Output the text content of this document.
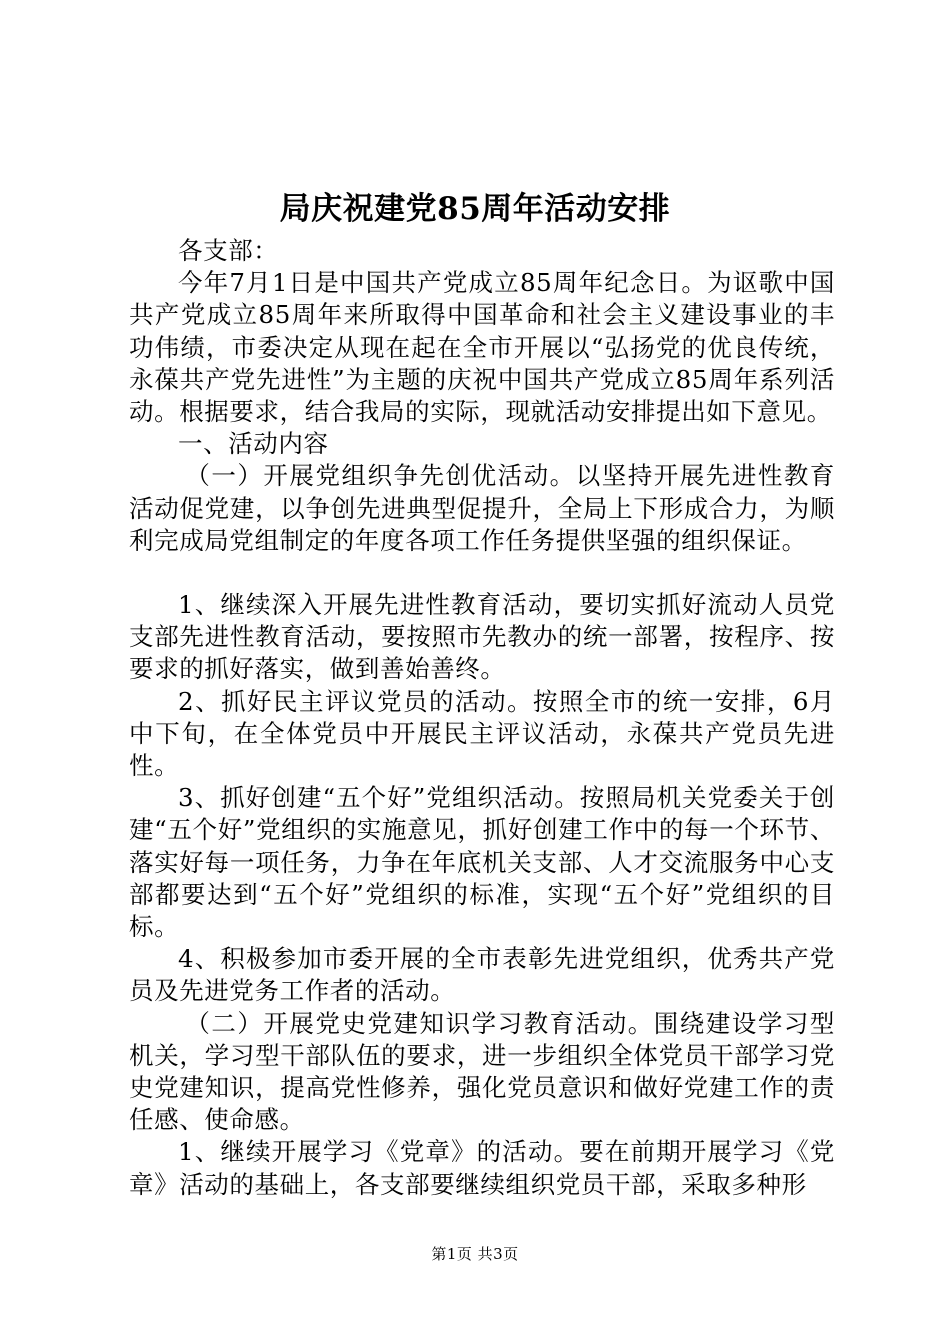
局庆祝建党85周年活动安排

各支部：

今年7月1日是中国共产党成立85周年纪念日。为讴歌中国共产党成立85周年来所取得中国革命和社会主义建设事业的丰功伟绩，市委决定从现在起在全市开展以“弘扬党的优良传统，永葆共产党先进性”为主题的庆祝中国共产党成立85周年系列活动。根据要求，结合我局的实际，现就活动安排提出如下意见。

一、活动内容

（一）开展党组织争先创优活动。以坚持开展先进性教育活动促党建，以争创先进典型促提升，全局上下形成合力，为顺利完成局党组制定的年度各项工作任务提供坚强的组织保证。

1、继续深入开展先进性教育活动，要切实抓好流动人员党支部先进性教育活动，要按照市先教办的统一部署，按程序、按要求的抓好落实，做到善始善终。

2、抓好民主评议党员的活动。按照全市的统一安排，6月中下旬，在全体党员中开展民主评议活动，永葆共产党员先进性。

3、抓好创建“五个好”党组织活动。按照局机关党委关于创建“五个好”党组织的实施意见，抓好创建工作中的每一个环节、落实好每一项任务，力争在年底机关支部、人才交流服务中心支部都要达到“五个好”党组织的标准，实现“五个好”党组织的目标。

4、积极参加市委开展的全市表彰先进党组织，优秀共产党员及先进党务工作者的活动。

（二）开展党史党建知识学习教育活动。围绕建设学习型机关，学习型干部队伍的要求，进一步组织全体党员干部学习党史党建知识，提高党性修养，强化党员意识和做好党建工作的责任感、使命感。

1、继续开展学习《党章》的活动。要在前期开展学习《党章》活动的基础上，各支部要继续组织党员干部，采取多种形

第1页 共3页
